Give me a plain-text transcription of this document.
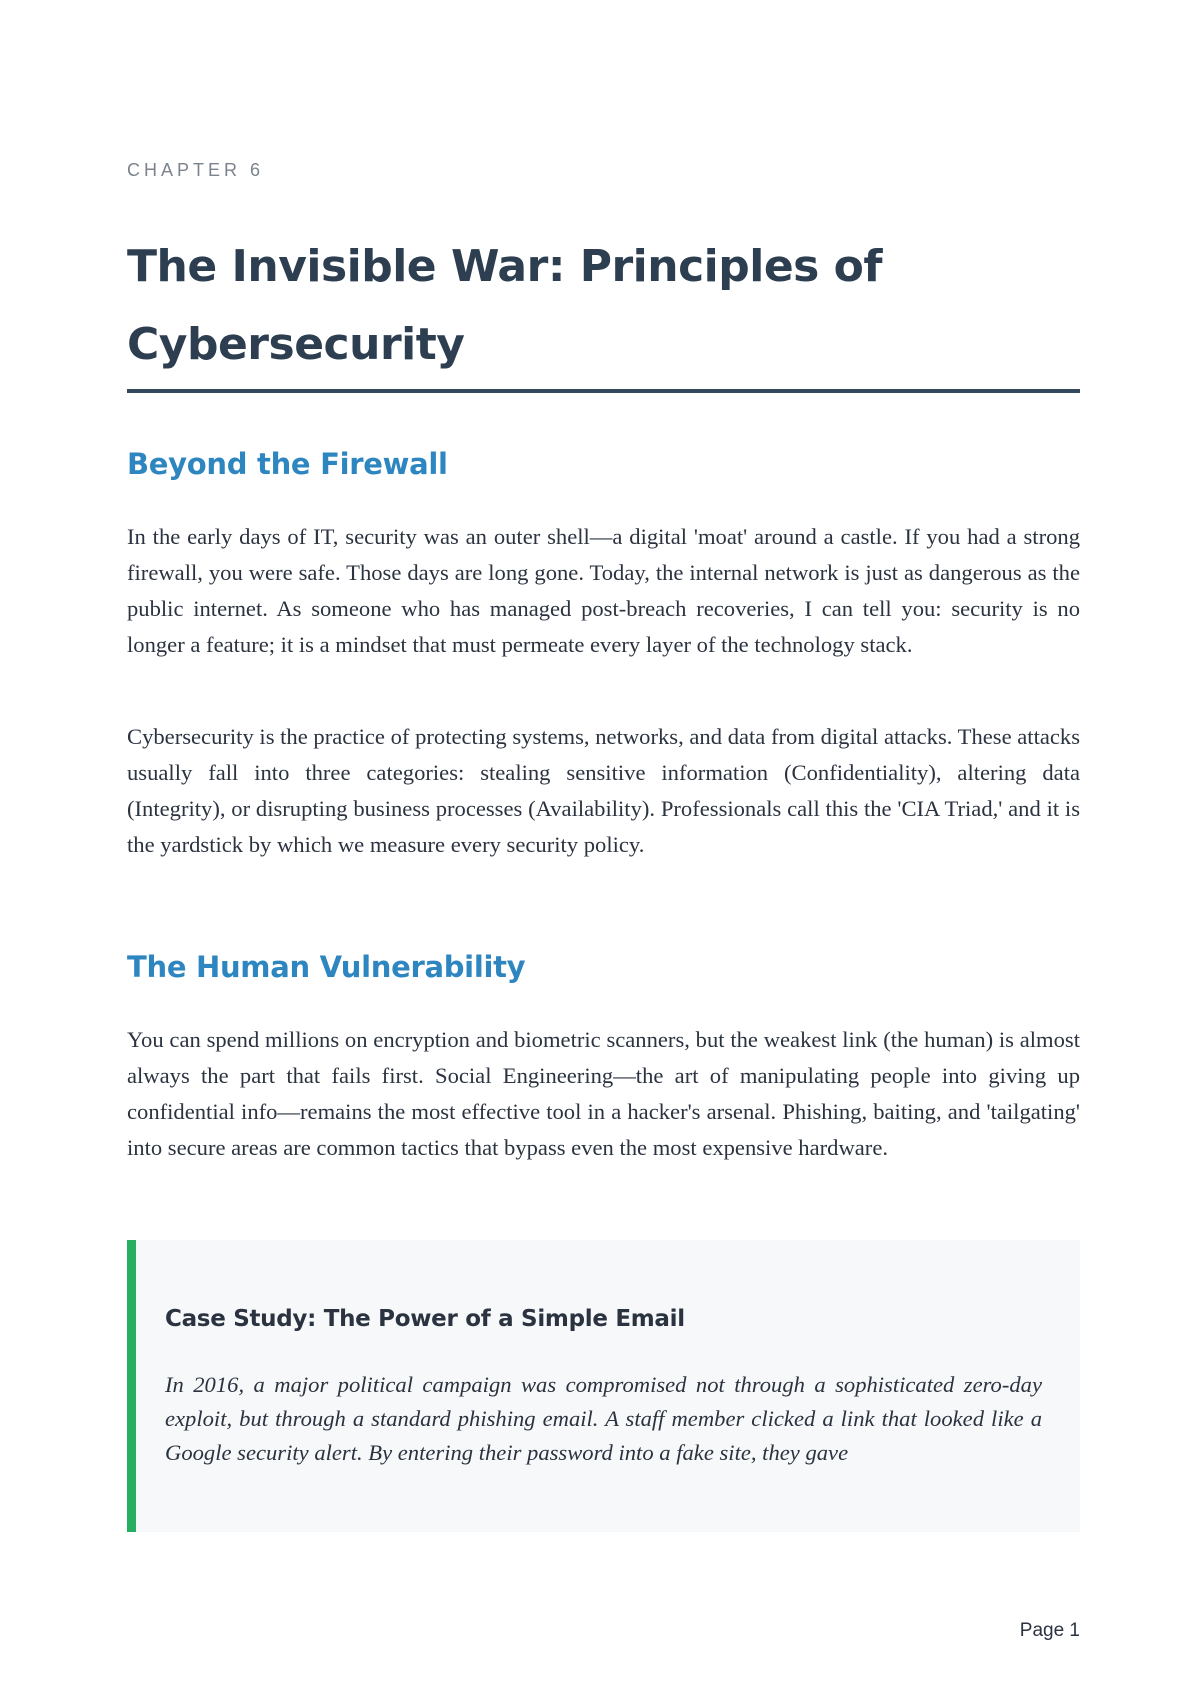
CHAPTER 6
The Invisible War: Principles of Cybersecurity
Beyond the Firewall

In the early days of IT, security was an outer shell—a digital 'moat' around a castle. If you had a strong firewall, you were safe. Those days are long gone. Today, the internal network is just as dangerous as the public internet. As someone who has managed post-breach recoveries, I can tell you: security is no longer a feature; it is a mindset that must permeate every layer of the technology stack.

Cybersecurity is the practice of protecting systems, networks, and data from digital attacks. These attacks usually fall into three categories: stealing sensitive information (Confidentiality), altering data (Integrity), or disrupting business processes (Availability). Professionals call this the 'CIA Triad,' and it is the yardstick by which we measure every security policy.

The Human Vulnerability

You can spend millions on encryption and biometric scanners, but the weakest link (the human) is almost always the part that fails first. Social Engineering—the art of manipulating people into giving up confidential info—remains the most effective tool in a hacker's arsenal. Phishing, baiting, and 'tailgating' into secure areas are common tactics that bypass even the most expensive hardware.

Case Study: The Power of a Simple Email

In 2016, a major political campaign was compromised not through a sophisticated zero-day exploit, but through a standard phishing email. A staff member clicked a link that looked like a Google security alert. By entering their password into a fake site, they gave

Page 1
